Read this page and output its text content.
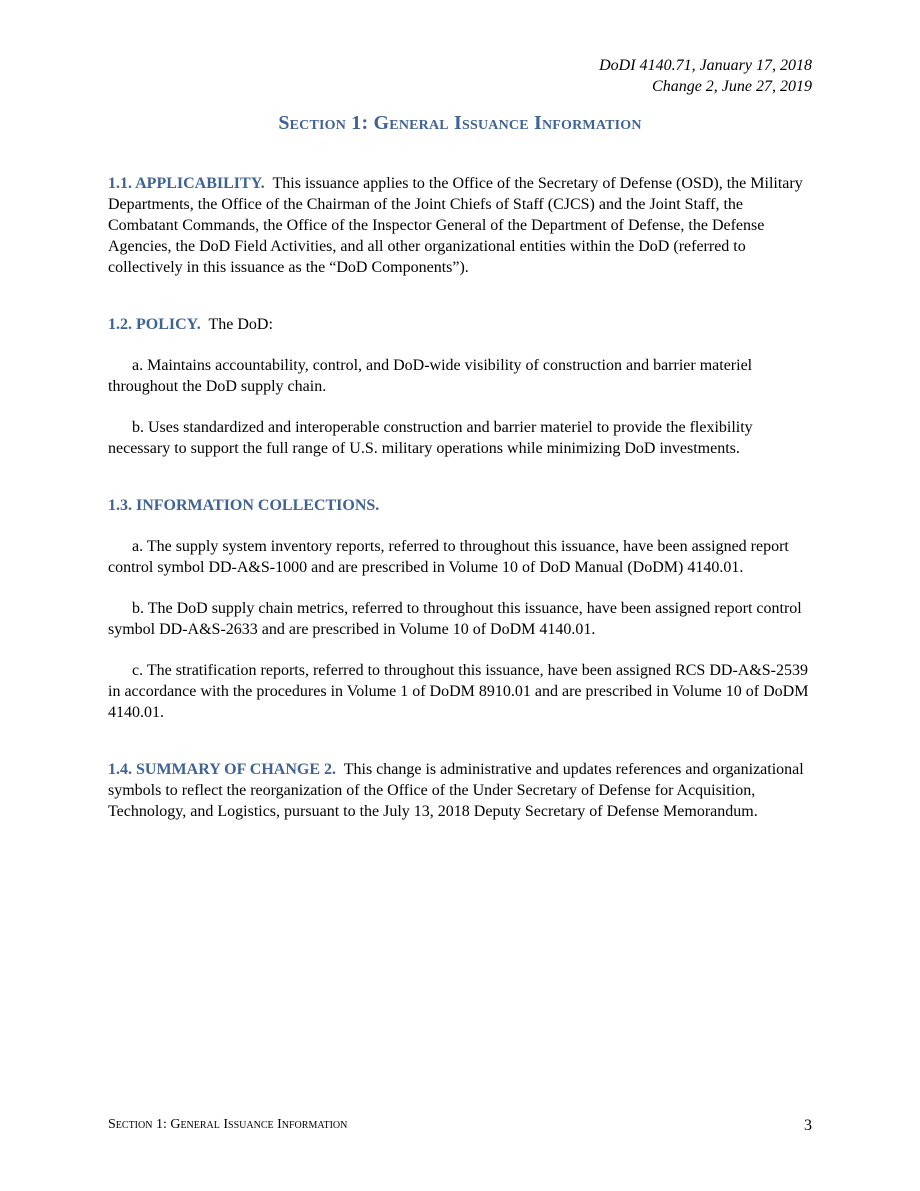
DoDI 4140.71, January 17, 2018
Change 2, June 27, 2019
Section 1: General Issuance Information

1.1. APPLICABILITY. This issuance applies to the Office of the Secretary of Defense (OSD), the Military Departments, the Office of the Chairman of the Joint Chiefs of Staff (CJCS) and the Joint Staff, the Combatant Commands, the Office of the Inspector General of the Department of Defense, the Defense Agencies, the DoD Field Activities, and all other organizational entities within the DoD (referred to collectively in this issuance as the “DoD Components”).

1.2. POLICY. The DoD:

a. Maintains accountability, control, and DoD-wide visibility of construction and barrier materiel throughout the DoD supply chain.

b. Uses standardized and interoperable construction and barrier materiel to provide the flexibility necessary to support the full range of U.S. military operations while minimizing DoD investments.

1.3. INFORMATION COLLECTIONS.

a. The supply system inventory reports, referred to throughout this issuance, have been assigned report control symbol DD-A&S-1000 and are prescribed in Volume 10 of DoD Manual (DoDM) 4140.01.

b. The DoD supply chain metrics, referred to throughout this issuance, have been assigned report control symbol DD-A&S-2633 and are prescribed in Volume 10 of DoDM 4140.01.

c. The stratification reports, referred to throughout this issuance, have been assigned RCS DD-A&S-2539 in accordance with the procedures in Volume 1 of DoDM 8910.01 and are prescribed in Volume 10 of DoDM 4140.01.

1.4. SUMMARY OF CHANGE 2. This change is administrative and updates references and organizational symbols to reflect the reorganization of the Office of the Under Secretary of Defense for Acquisition, Technology, and Logistics, pursuant to the July 13, 2018 Deputy Secretary of Defense Memorandum.

Section 1: General Issuance Information	3
